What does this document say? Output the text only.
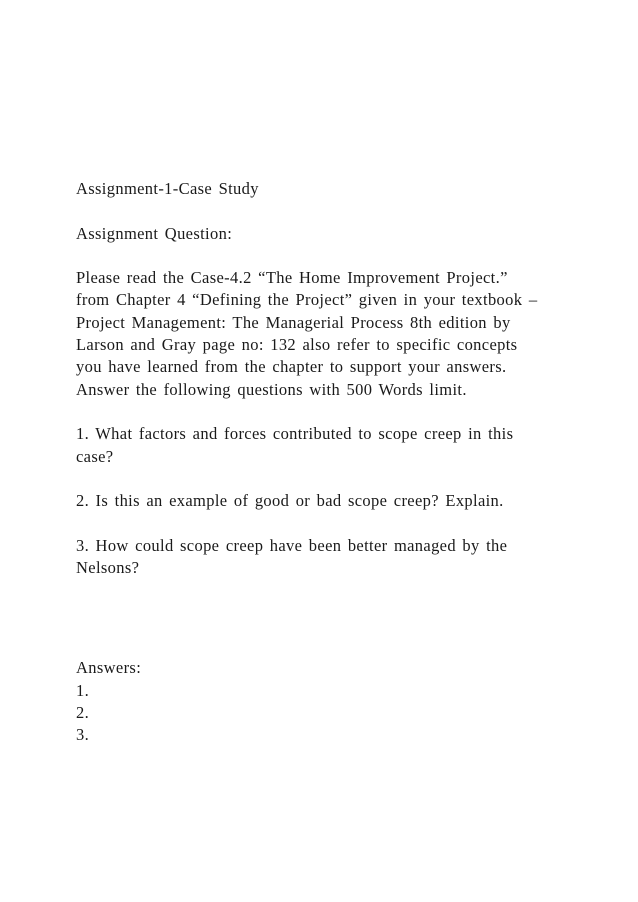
Assignment-1-Case Study
Assignment Question:
Please read the Case-4.2 “The Home Improvement Project.”
from Chapter 4 “Defining the Project” given in your textbook –
Project Management: The Managerial Process 8th edition by
Larson and Gray page no: 132 also refer to specific concepts
you have learned from the chapter to support your answers.
Answer the following questions with 500 Words limit.
1. What factors and forces contributed to scope creep in this
case?
2. Is this an example of good or bad scope creep? Explain.
3. How could scope creep have been better managed by the
Nelsons?
Answers:
1.
2.
3.
